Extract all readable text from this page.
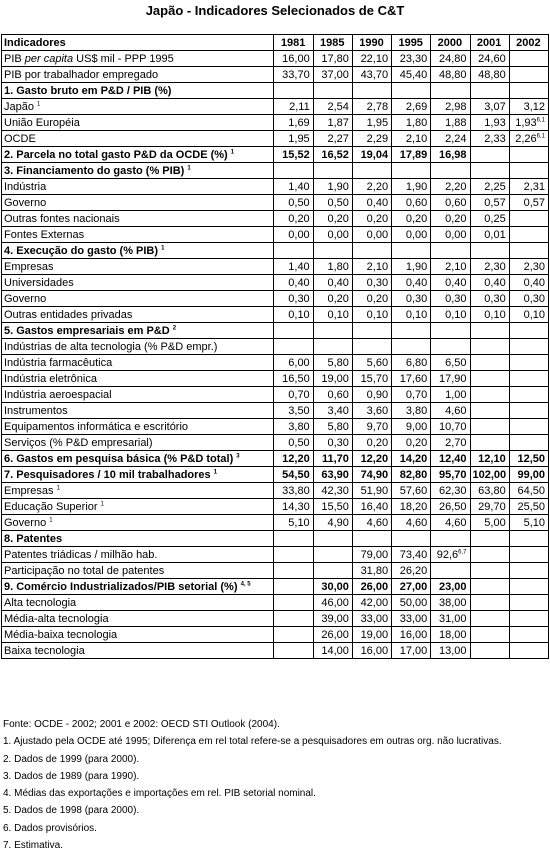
Japão - Indicadores Selecionados de C&T
Indicadores	1981	1985	1990	1995	2000	2001	2002
PIB per capita US$ mil - PPP 1995	16,00	17,80	22,10	23,30	24,80	24,60	
PIB por trabalhador empregado	33,70	37,00	43,70	45,40	48,80	48,80	
1. Gasto bruto em P&D / PIB (%)							
Japão $^1$	2,11	2,54	2,78	2,69	2,98	3,07	3,12
União Européia	1,69	1,87	1,95	1,80	1,88	1,93	1,93$^{6,1}$
OCDE	1,95	2,27	2,29	2,10	2,24	2,33	2,26$^{6,1}$
2. Parcela no total gasto P&D da OCDE (%) $^1$	15,52	16,52	19,04	17,89	16,98		
3. Financiamento do gasto (% PIB) $^1$							
Indústria	1,40	1,90	2,20	1,90	2,20	2,25	2,31
Governo	0,50	0,50	0,40	0,60	0,60	0,57	0,57
Outras fontes nacionais	0,20	0,20	0,20	0,20	0,20	0,25	
Fontes Externas	0,00	0,00	0,00	0,00	0,00	0,01	
4. Execução do gasto (% PIB) $^1$							
Empresas	1,40	1,80	2,10	1,90	2,10	2,30	2,30
Universidades	0,40	0,40	0,30	0,40	0,40	0,40	0,40
Governo	0,30	0,20	0,20	0,30	0,30	0,30	0,30
Outras entidades privadas	0,10	0,10	0,10	0,10	0,10	0,10	0,10
5. Gastos empresariais em P&D $^2$							
Indústrias de alta tecnologia (% P&D empr.)							
Indústria farmacêutica	6,00	5,80	5,60	6,80	6,50		
Indústria eletrônica	16,50	19,00	15,70	17,60	17,90		
Indústria aeroespacial	0,70	0,60	0,90	0,70	1,00		
Instrumentos	3,50	3,40	3,60	3,80	4,60		
Equipamentos informática e escritório	3,80	5,80	9,70	9,00	10,70		
Serviços (% P&D empresarial)	0,50	0,30	0,20	0,20	2,70		
6. Gastos em pesquisa básica (% P&D total) $^3$	12,20	11,70	12,20	14,20	12,40	12,10	12,50
7. Pesquisadores / 10 mil trabalhadores $^1$	54,50	63,90	74,90	82,80	95,70	102,00	99,00
Empresas $^1$	33,80	42,30	51,90	57,60	62,30	63,80	64,50
Educação Superior $^1$	14,30	15,50	16,40	18,20	26,50	29,70	25,50
Governo $^1$	5,10	4,90	4,60	4,60	4,60	5,00	5,10
8. Patentes							
Patentes triádicas / milhão hab.			79,00	73,40	92,6$^{6,7}$		
Participação no total de patentes			31,80	26,20			
9. Comércio Industrializados/PIB setorial (%) $^{4, 5}$		30,00	26,00	27,00	23,00		
Alta tecnologia		46,00	42,00	50,00	38,00		
Média-alta tecnologia		39,00	33,00	33,00	31,00		
Média-baixa tecnologia		26,00	19,00	16,00	18,00		
Baixa tecnologia		14,00	16,00	17,00	13,00		
Fonte: OCDE - 2002; 2001 e 2002: OECD STI Outlook (2004).
1. Ajustado pela OCDE até 1995; Diferença em rel total refere-se a pesquisadores em outras org. não lucrativas.
2. Dados de 1999 (para 2000).
3. Dados de 1989 (para 1990).
4. Médias das exportações e importações em rel. PIB setorial nominal.
5. Dados de 1998 (para 2000).
6. Dados provisórios.
7. Estimativa.
